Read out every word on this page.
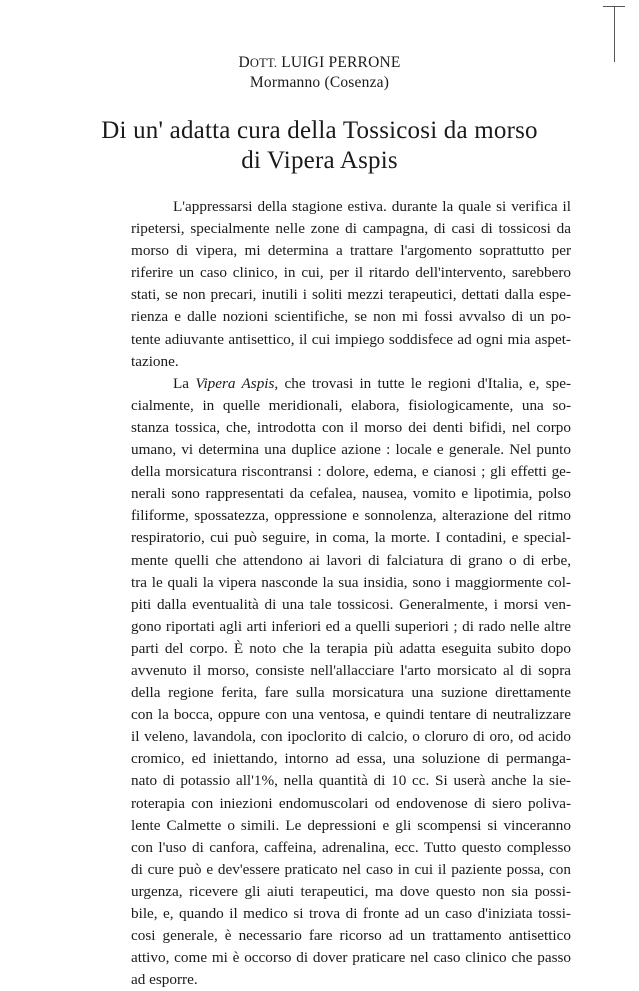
DOTT. LUIGI PERRONE
Mormanno (Cosenza)
Di un' adatta cura della Tossicosi da morso
di Vipera Aspis
L'appressarsi della stagione estiva. durante la quale si verifica il
ripetersi, specialmente nelle zone di campagna, di casi di tossicosi da
morso di vipera, mi determina a trattare l'argomento soprattutto per
riferire un caso clinico, in cui, per il ritardo dell'intervento, sarebbero
stati, se non precari, inutili i soliti mezzi terapeutici, dettati dalla espe-
rienza e dalle nozioni scientifiche, se non mi fossi avvalso di un po-
tente adiuvante antisettico, il cui impiego soddisfece ad ogni mia aspet-
tazione.
La Vipera Aspis, che trovasi in tutte le regioni d'Italia, e, spe-
cialmente, in quelle meridionali, elabora, fisiologicamente, una so-
stanza tossica, che, introdotta con il morso dei denti bifidi, nel corpo
umano, vi determina una duplice azione : locale e generale. Nel punto
della morsicatura riscontransi : dolore, edema, e cianosi ; gli effetti ge-
nerali sono rappresentati da cefalea, nausea, vomito e lipotimia, polso
filiforme, spossatezza, oppressione e sonnolenza, alterazione del ritmo
respiratorio, cui può seguire, in coma, la morte. I contadini, e special-
mente quelli che attendono ai lavori di falciatura di grano o di erbe,
tra le quali la vipera nasconde la sua insidia, sono i maggiormente col-
piti dalla eventualità di una tale tossicosi. Generalmente, i morsi ven-
gono riportati agli arti inferiori ed a quelli superiori ; di rado nelle altre
parti del corpo. È noto che la terapia più adatta eseguita subito dopo
avvenuto il morso, consiste nell'allacciare l'arto morsicato al di sopra
della regione ferita, fare sulla morsicatura una suzione direttamente
con la bocca, oppure con una ventosa, e quindi tentare di neutralizzare
il veleno, lavandola, con ipoclorito di calcio, o cloruro di oro, od acido
cromico, ed iniettando, intorno ad essa, una soluzione di permanga-
nato di potassio all'1%, nella quantità di 10 cc. Si userà anche la sie-
roterapia con iniezioni endomuscolari od endovenose di siero poliva-
lente Calmette o simili. Le depressioni e gli scompensi si vinceranno
con l'uso di canfora, caffeina, adrenalina, ecc. Tutto questo complesso
di cure può e dev'essere praticato nel caso in cui il paziente possa, con
urgenza, ricevere gli aiuti terapeutici, ma dove questo non sia possi-
bile, e, quando il medico si trova di fronte ad un caso d'iniziata tossi-
cosi generale, è necessario fare ricorso ad un trattamento antisettico
attivo, come mi è occorso di dover praticare nel caso clinico che passo
ad esporre.
